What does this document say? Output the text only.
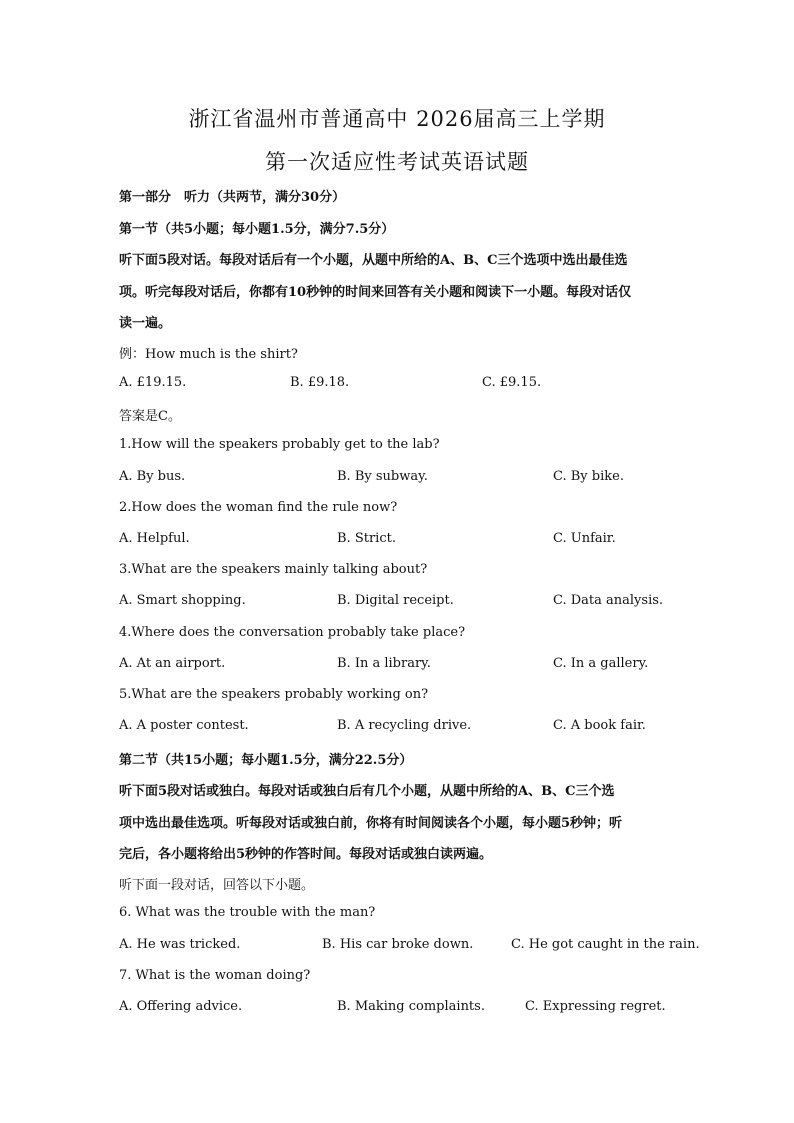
浙江省温州市普通高中 2026届高三上学期
第一次适应性考试英语试题
第一部分　听力（共两节，满分30分）
第一节（共5小题；每小题1.5分，满分7.5分）
听下面5段对话。每段对话后有一个小题，从题中所给的A、B、C三个选项中选出最佳选
项。听完每段对话后，你都有10秒钟的时间来回答有关小题和阅读下一小题。每段对话仅
读一遍。
例：How much is the shirt?
A. £19.15.	B. £9.18.	C. £9.15.
答案是C。
1.How will the speakers probably get to the lab?
A. By bus.	B. By subway.	C. By bike.
2.How does the woman find the rule now?
A. Helpful.	B. Strict.	C. Unfair.
3.What are the speakers mainly talking about?
A. Smart shopping.	B. Digital receipt.	C. Data analysis.
4.Where does the conversation probably take place?
A. At an airport.	B. In a library.	C. In a gallery.
5.What are the speakers probably working on?
A. A poster contest.	B. A recycling drive.	C. A book fair.
第二节（共15小题；每小题1.5分，满分22.5分）
听下面5段对话或独白。每段对话或独白后有几个小题，从题中所给的A、B、C三个选
项中选出最佳选项。听每段对话或独白前，你将有时间阅读各个小题，每小题5秒钟；听
完后，各小题将给出5秒钟的作答时间。每段对话或独白读两遍。
听下面一段对话，回答以下小题。
6. What was the trouble with the man?
A. He was tricked.	B. His car broke down.	C. He got caught in the rain.
7. What is the woman doing?
A. Offering advice.	B. Making complaints.	C. Expressing regret.
